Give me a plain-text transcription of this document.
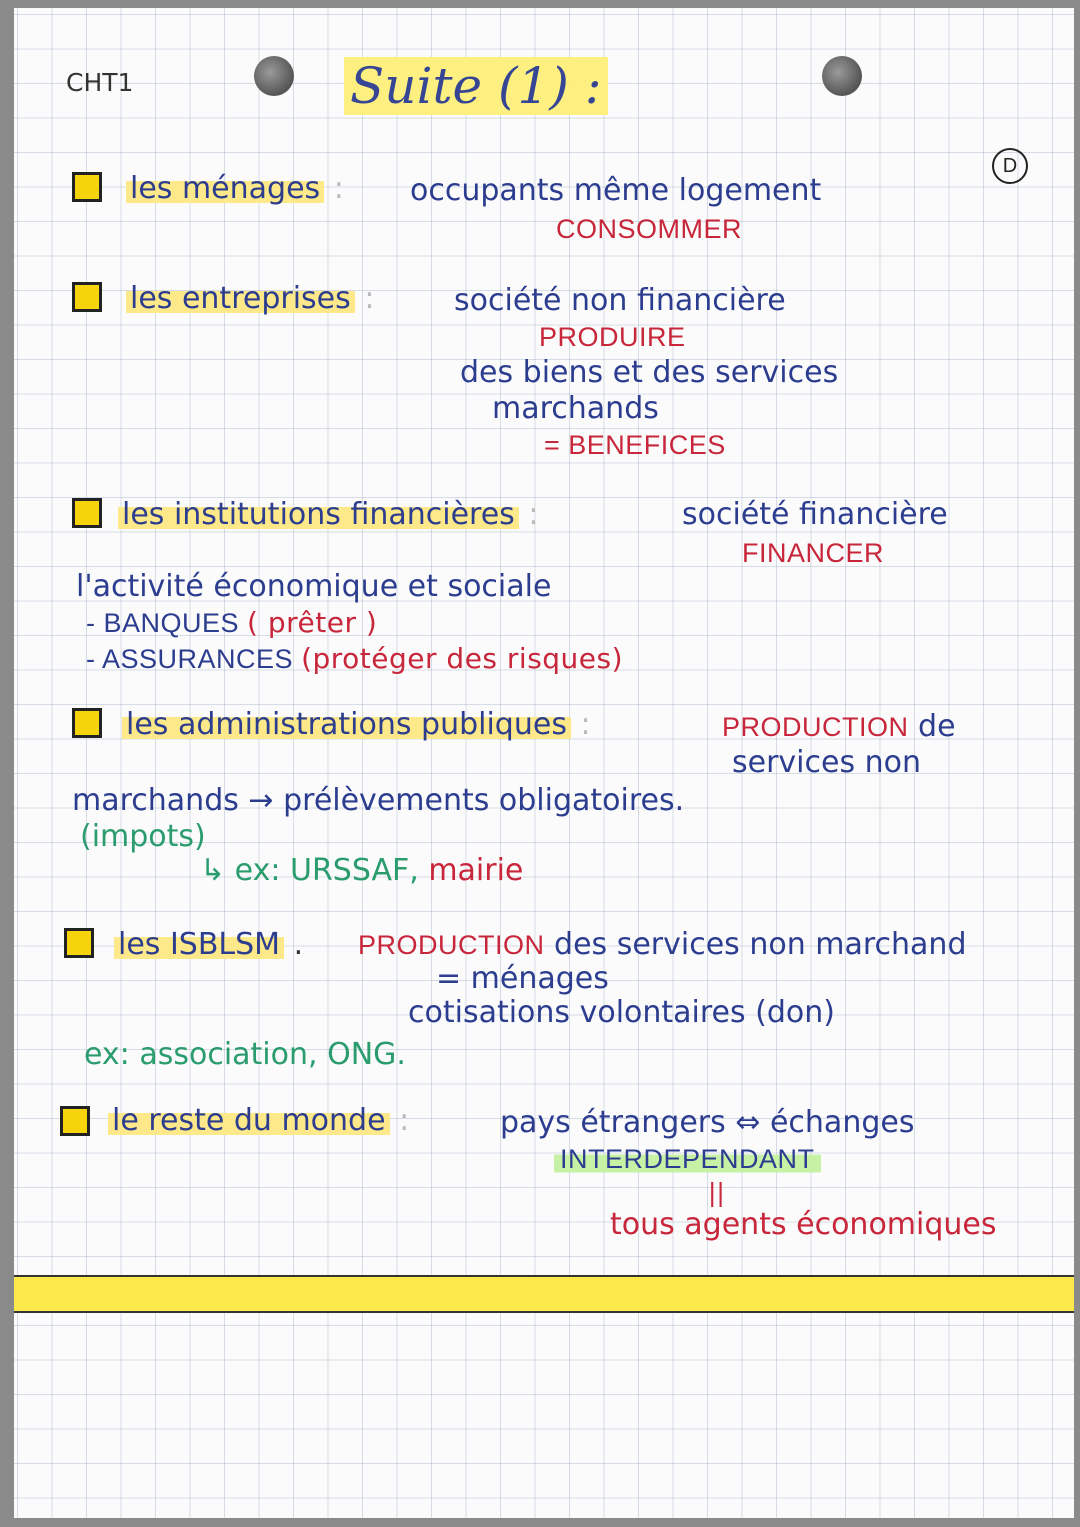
CHT1	Suite (1) :
D
les ménages : occupants même logement
CONSOMMER
les entreprises :	société non financière
PRODUIRE
des biens et des services
marchands
= BENEFICES
les institutions financières :	société financière
FINANCER
l'activité économique et sociale
- BANQUES ( prêter )
- ASSURANCES (protéger des risques)
les administrations publiques :	PRODUCTION de
services non
marchands → prélèvements obligatoires.
(impots)
↳ ex: URSSAF, mairie
les ISBLSM . PRODUCTION des services non marchand
= ménages
cotisations volontaires (don)
ex: association, ONG.
le reste du monde :	pays étrangers ⇔ échanges
INTERDEPENDANT
||
tous agents économiques
